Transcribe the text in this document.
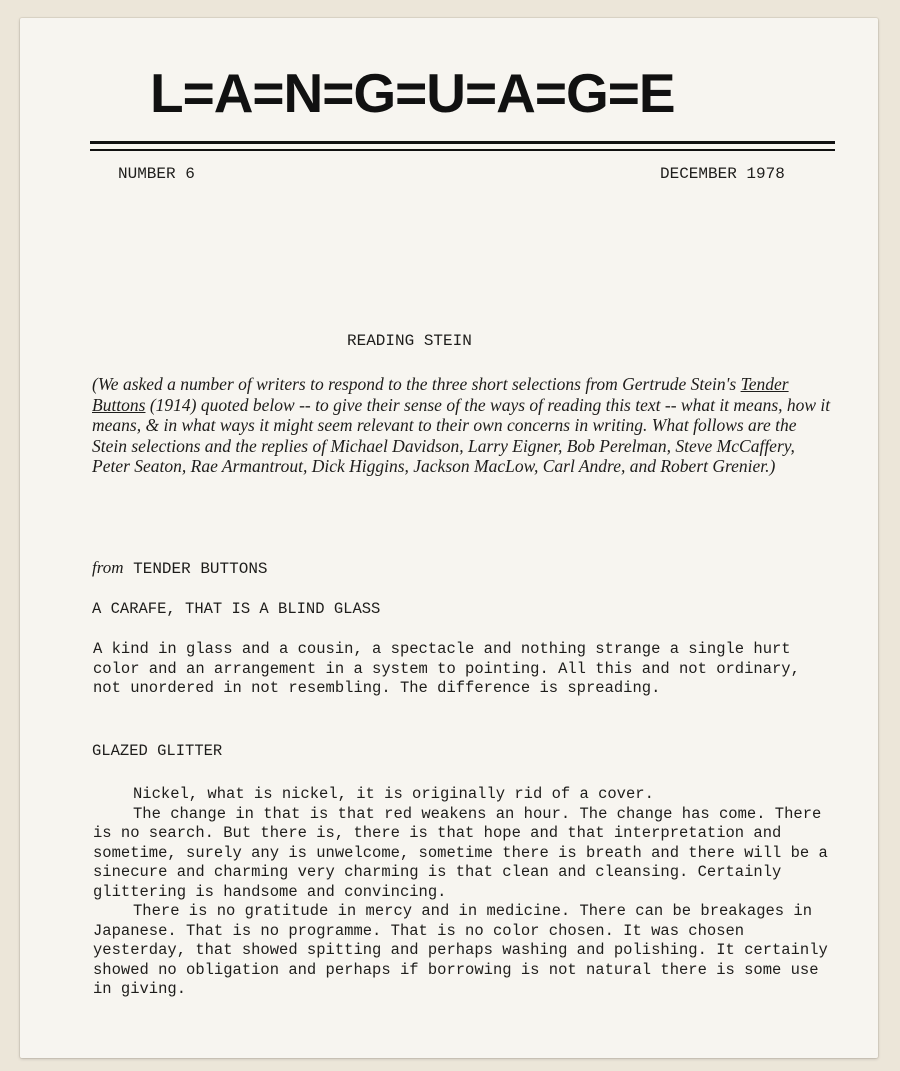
L=A=N=G=U=A=G=E
NUMBER 6	DECEMBER 1978
READING STEIN
(We asked a number of writers to respond to the three short selections from Gertrude Stein's Tender Buttons (1914) quoted below -- to give their sense of the ways of reading this text -- what it means, how it means, & in what ways it might seem relevant to their own concerns in writing. What follows are the Stein selections and the replies of Michael Davidson, Larry Eigner, Bob Perelman, Steve McCaffery, Peter Seaton, Rae Armantrout, Dick Higgins, Jackson MacLow, Carl Andre, and Robert Grenier.)
from TENDER BUTTONS
A CARAFE, THAT IS A BLIND GLASS

A kind in glass and a cousin, a spectacle and nothing strange a single hurt color and an arrangement in a system to pointing. All this and not ordinary, not unordered in not resembling. The difference is spreading.

GLAZED GLITTER

Nickel, what is nickel, it is originally rid of a cover.

The change in that is that red weakens an hour. The change has come. There is no search. But there is, there is that hope and that interpretation and sometime, surely any is unwelcome, sometime there is breath and there will be a sinecure and charming very charming is that clean and cleansing. Certainly glittering is handsome and convincing.

There is no gratitude in mercy and in medicine. There can be breakages in Japanese. That is no programme. That is no color chosen. It was chosen yesterday, that showed spitting and perhaps washing and polishing. It certainly showed no obligation and perhaps if borrowing is not natural there is some use in giving.
